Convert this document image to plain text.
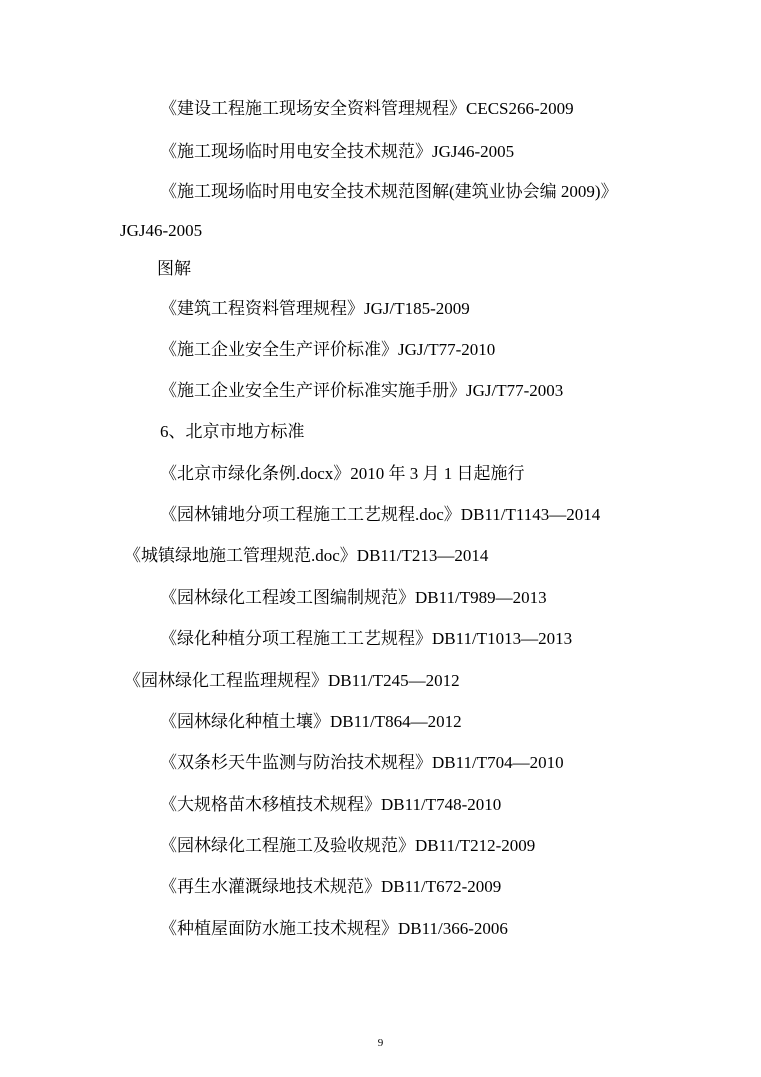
《建设工程施工现场安全资料管理规程》CECS266-2009
《施工现场临时用电安全技术规范》JGJ46-2005
《施工现场临时用电安全技术规范图解(建筑业协会编 2009)》
JGJ46-2005
图解
《建筑工程资料管理规程》JGJ/T185-2009
《施工企业安全生产评价标准》JGJ/T77-2010
《施工企业安全生产评价标准实施手册》JGJ/T77-2003
6、北京市地方标准
《北京市绿化条例.docx》2010 年 3 月 1 日起施行
《园林铺地分项工程施工工艺规程.doc》DB11/T1143—2014
《城镇绿地施工管理规范.doc》DB11/T213—2014
《园林绿化工程竣工图编制规范》DB11/T989—2013
《绿化种植分项工程施工工艺规程》DB11/T1013—2013
《园林绿化工程监理规程》DB11/T245—2012
《园林绿化种植土壤》DB11/T864—2012
《双条杉天牛监测与防治技术规程》DB11/T704—2010
《大规格苗木移植技术规程》DB11/T748-2010
《园林绿化工程施工及验收规范》DB11/T212-2009
《再生水灌溉绿地技术规范》DB11/T672-2009
《种植屋面防水施工技术规程》DB11/366-2006
9
